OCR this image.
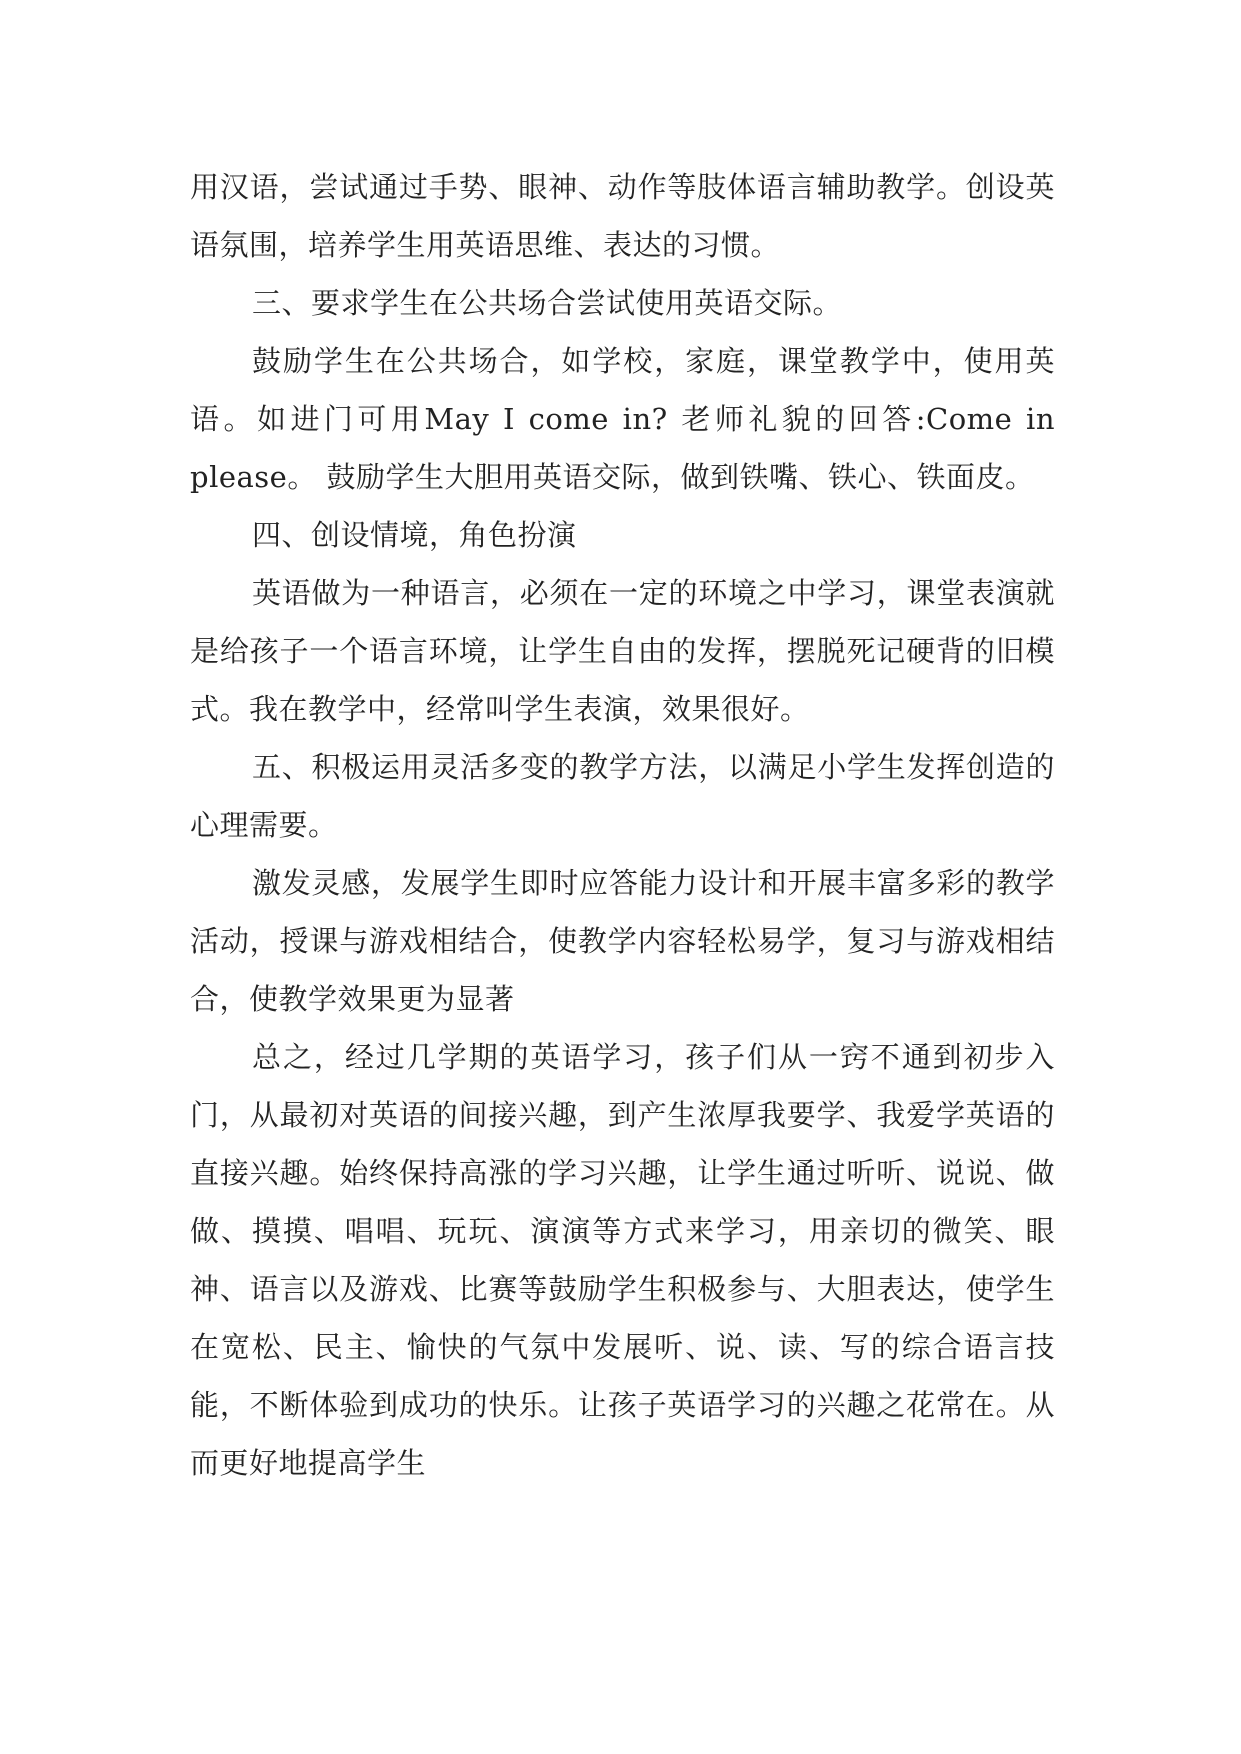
用汉语，尝试通过手势、眼神、动作等肢体语言辅助教学。创设英语氛围，培养学生用英语思维、表达的习惯。

三、要求学生在公共场合尝试使用英语交际。

鼓励学生在公共场合，如学校，家庭，课堂教学中，使用英语。如进门可用May I come in? 老师礼貌的回答:Come in please。 鼓励学生大胆用英语交际，做到铁嘴、铁心、铁面皮。

四、创设情境，角色扮演

英语做为一种语言，必须在一定的环境之中学习，课堂表演就是给孩子一个语言环境，让学生自由的发挥，摆脱死记硬背的旧模式。我在教学中，经常叫学生表演，效果很好。

五、积极运用灵活多变的教学方法，以满足小学生发挥创造的心理需要。

激发灵感，发展学生即时应答能力设计和开展丰富多彩的教学活动，授课与游戏相结合，使教学内容轻松易学，复习与游戏相结合，使教学效果更为显著

总之，经过几学期的英语学习，孩子们从一窍不通到初步入门，从最初对英语的间接兴趣，到产生浓厚我要学、我爱学英语的直接兴趣。始终保持高涨的学习兴趣，让学生通过听听、说说、做做、摸摸、唱唱、玩玩、演演等方式来学习，用亲切的微笑、眼神、语言以及游戏、比赛等鼓励学生积极参与、大胆表达，使学生在宽松、民主、愉快的气氛中发展听、说、读、写的综合语言技能，不断体验到成功的快乐。让孩子英语学习的兴趣之花常在。从而更好地提高学生
